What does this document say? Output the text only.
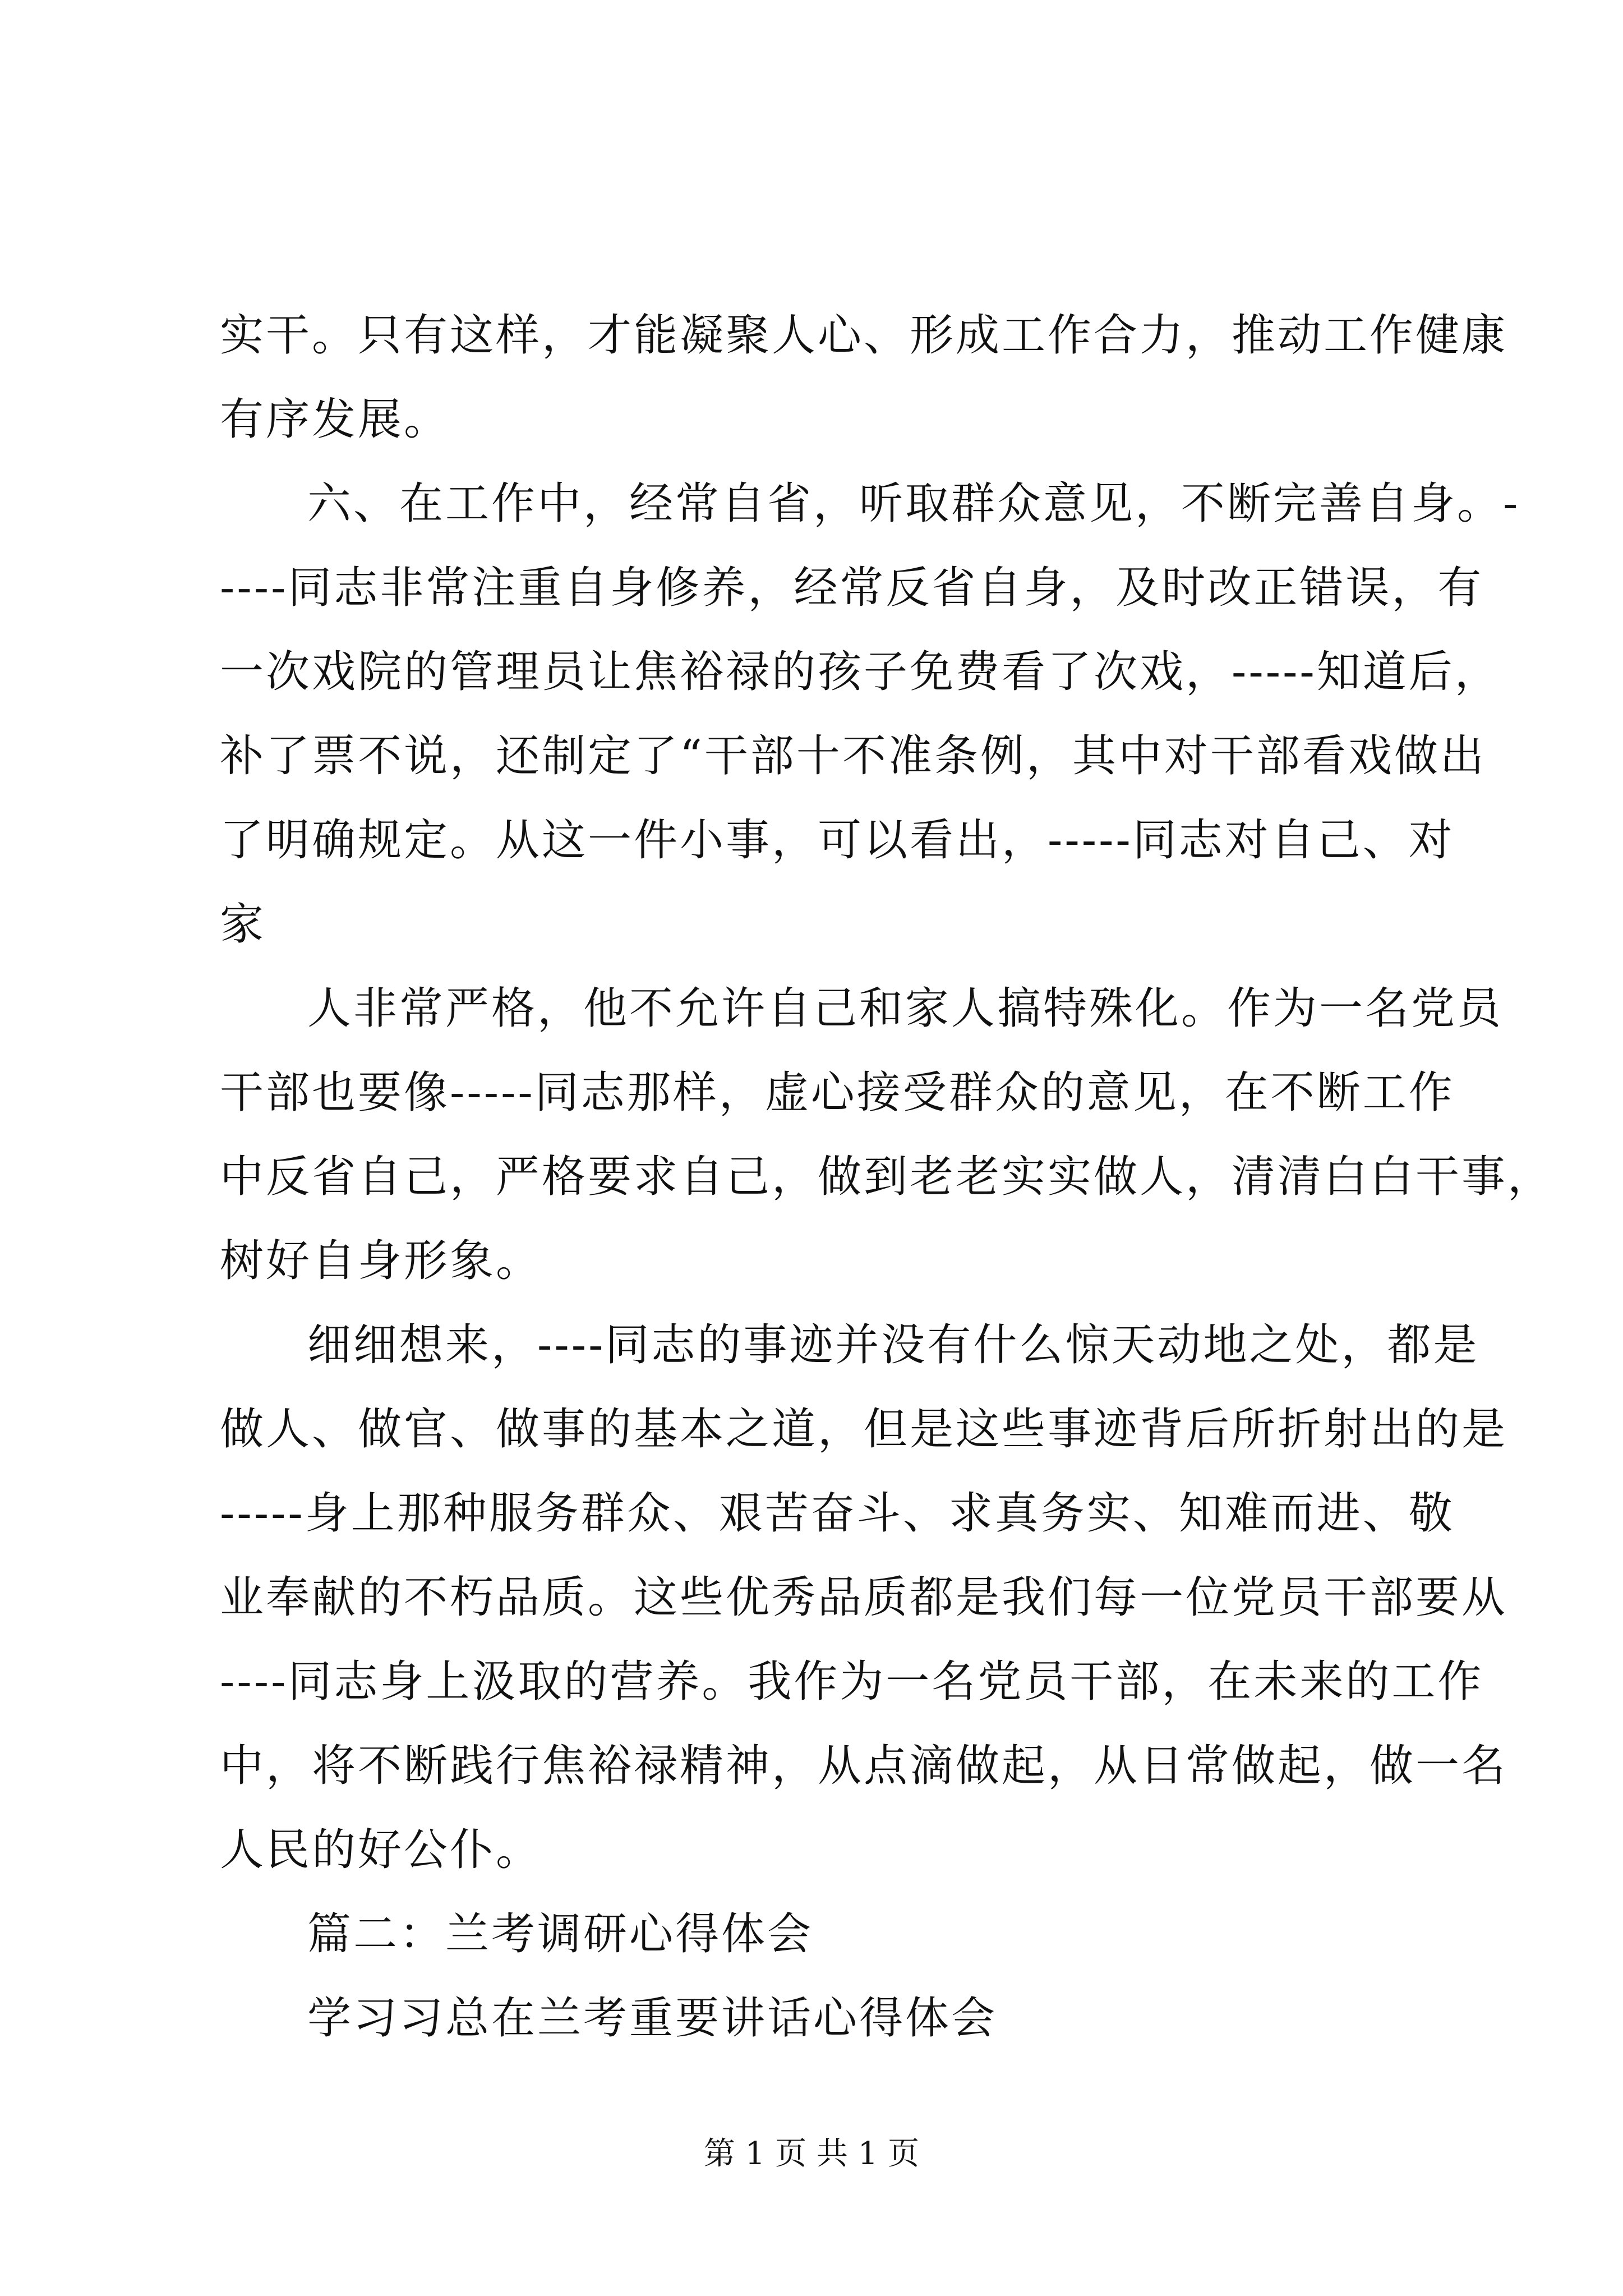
实干。只有这样，才能凝聚人心、形成工作合力，推动工作健康
有序发展。
六、在工作中，经常自省，听取群众意见，不断完善自身。-
----同志非常注重自身修养，经常反省自身，及时改正错误，有
一次戏院的管理员让焦裕禄的孩子免费看了次戏，-----知道后，
补了票不说，还制定了“干部十不准条例，其中对干部看戏做出
了明确规定。从这一件小事，可以看出，-----同志对自己、对
家
人非常严格，他不允许自己和家人搞特殊化。作为一名党员
干部也要像-----同志那样，虚心接受群众的意见，在不断工作
中反省自己，严格要求自己，做到老老实实做人，清清白白干事，
树好自身形象。
细细想来，----同志的事迹并没有什么惊天动地之处，都是
做人、做官、做事的基本之道，但是这些事迹背后所折射出的是
-----身上那种服务群众、艰苦奋斗、求真务实、知难而进、敬
业奉献的不朽品质。这些优秀品质都是我们每一位党员干部要从
----同志身上汲取的营养。我作为一名党员干部，在未来的工作
中，将不断践行焦裕禄精神，从点滴做起，从日常做起，做一名
人民的好公仆。
篇二：兰考调研心得体会
学习习总在兰考重要讲话心得体会
第 1 页 共 1 页
